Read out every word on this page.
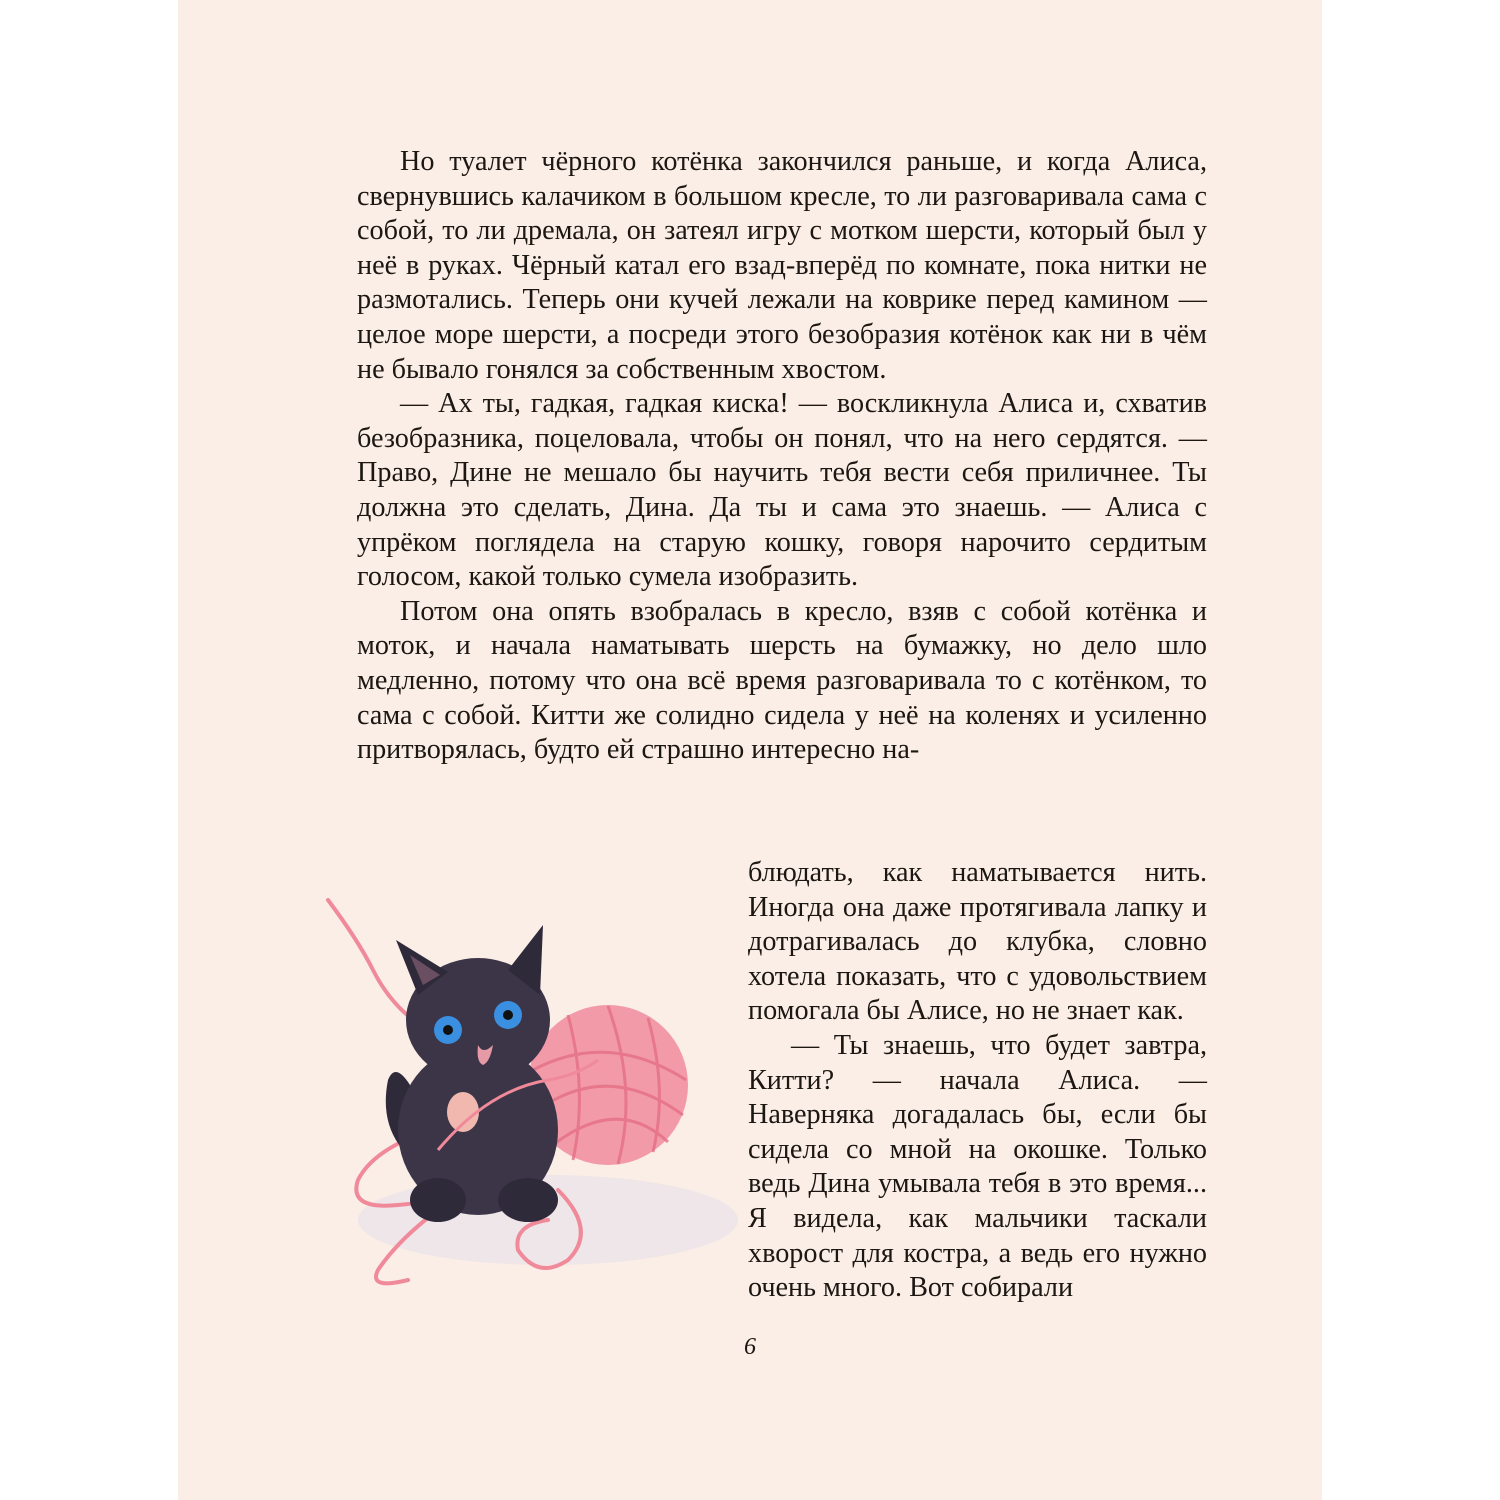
Но туалет чёрного котёнка закончился раньше, и когда Алиса, свернувшись калачиком в большом кресле, то ли разговаривала сама с собой, то ли дремала, он затеял игру с мотком шерсти, который был у неё в руках. Чёрный катал его взад-вперёд по комнате, пока нитки не размотались. Теперь они кучей лежали на коврике перед камином — целое море шерсти, а посреди этого безобразия котёнок как ни в чём не бывало гонялся за собственным хвостом.

— Ах ты, гадкая, гадкая киска! — воскликнула Алиса и, схватив безобразника, поцеловала, чтобы он понял, что на него сердятся. — Право, Дине не мешало бы научить тебя вести себя приличнее. Ты должна это сделать, Дина. Да ты и сама это знаешь. — Алиса с упрёком поглядела на старую кошку, говоря нарочито сердитым голосом, какой только сумела изобразить.

Потом она опять взобралась в кресло, взяв с собой котёнка и моток, и начала наматывать шерсть на бумажку, но дело шло медленно, потому что она всё время разговаривала то с котёнком, то сама с собой. Китти же солидно сидела у неё на коленях и усиленно притворялась, будто ей страшно интересно на-

блюдать, как наматывается нить. Иногда она даже протягивала лапку и дотрагивалась до клубка, словно хотела показать, что с удовольствием помогала бы Алисе, но не знает как.

— Ты знаешь, что будет завтра, Китти? — начала Алиса. — Наверняка догадалась бы, если бы сидела со мной на окошке. Только ведь Дина умывала тебя в это время... Я видела, как мальчики таскали хворост для костра, а ведь его нужно очень много. Вот собирали

6
